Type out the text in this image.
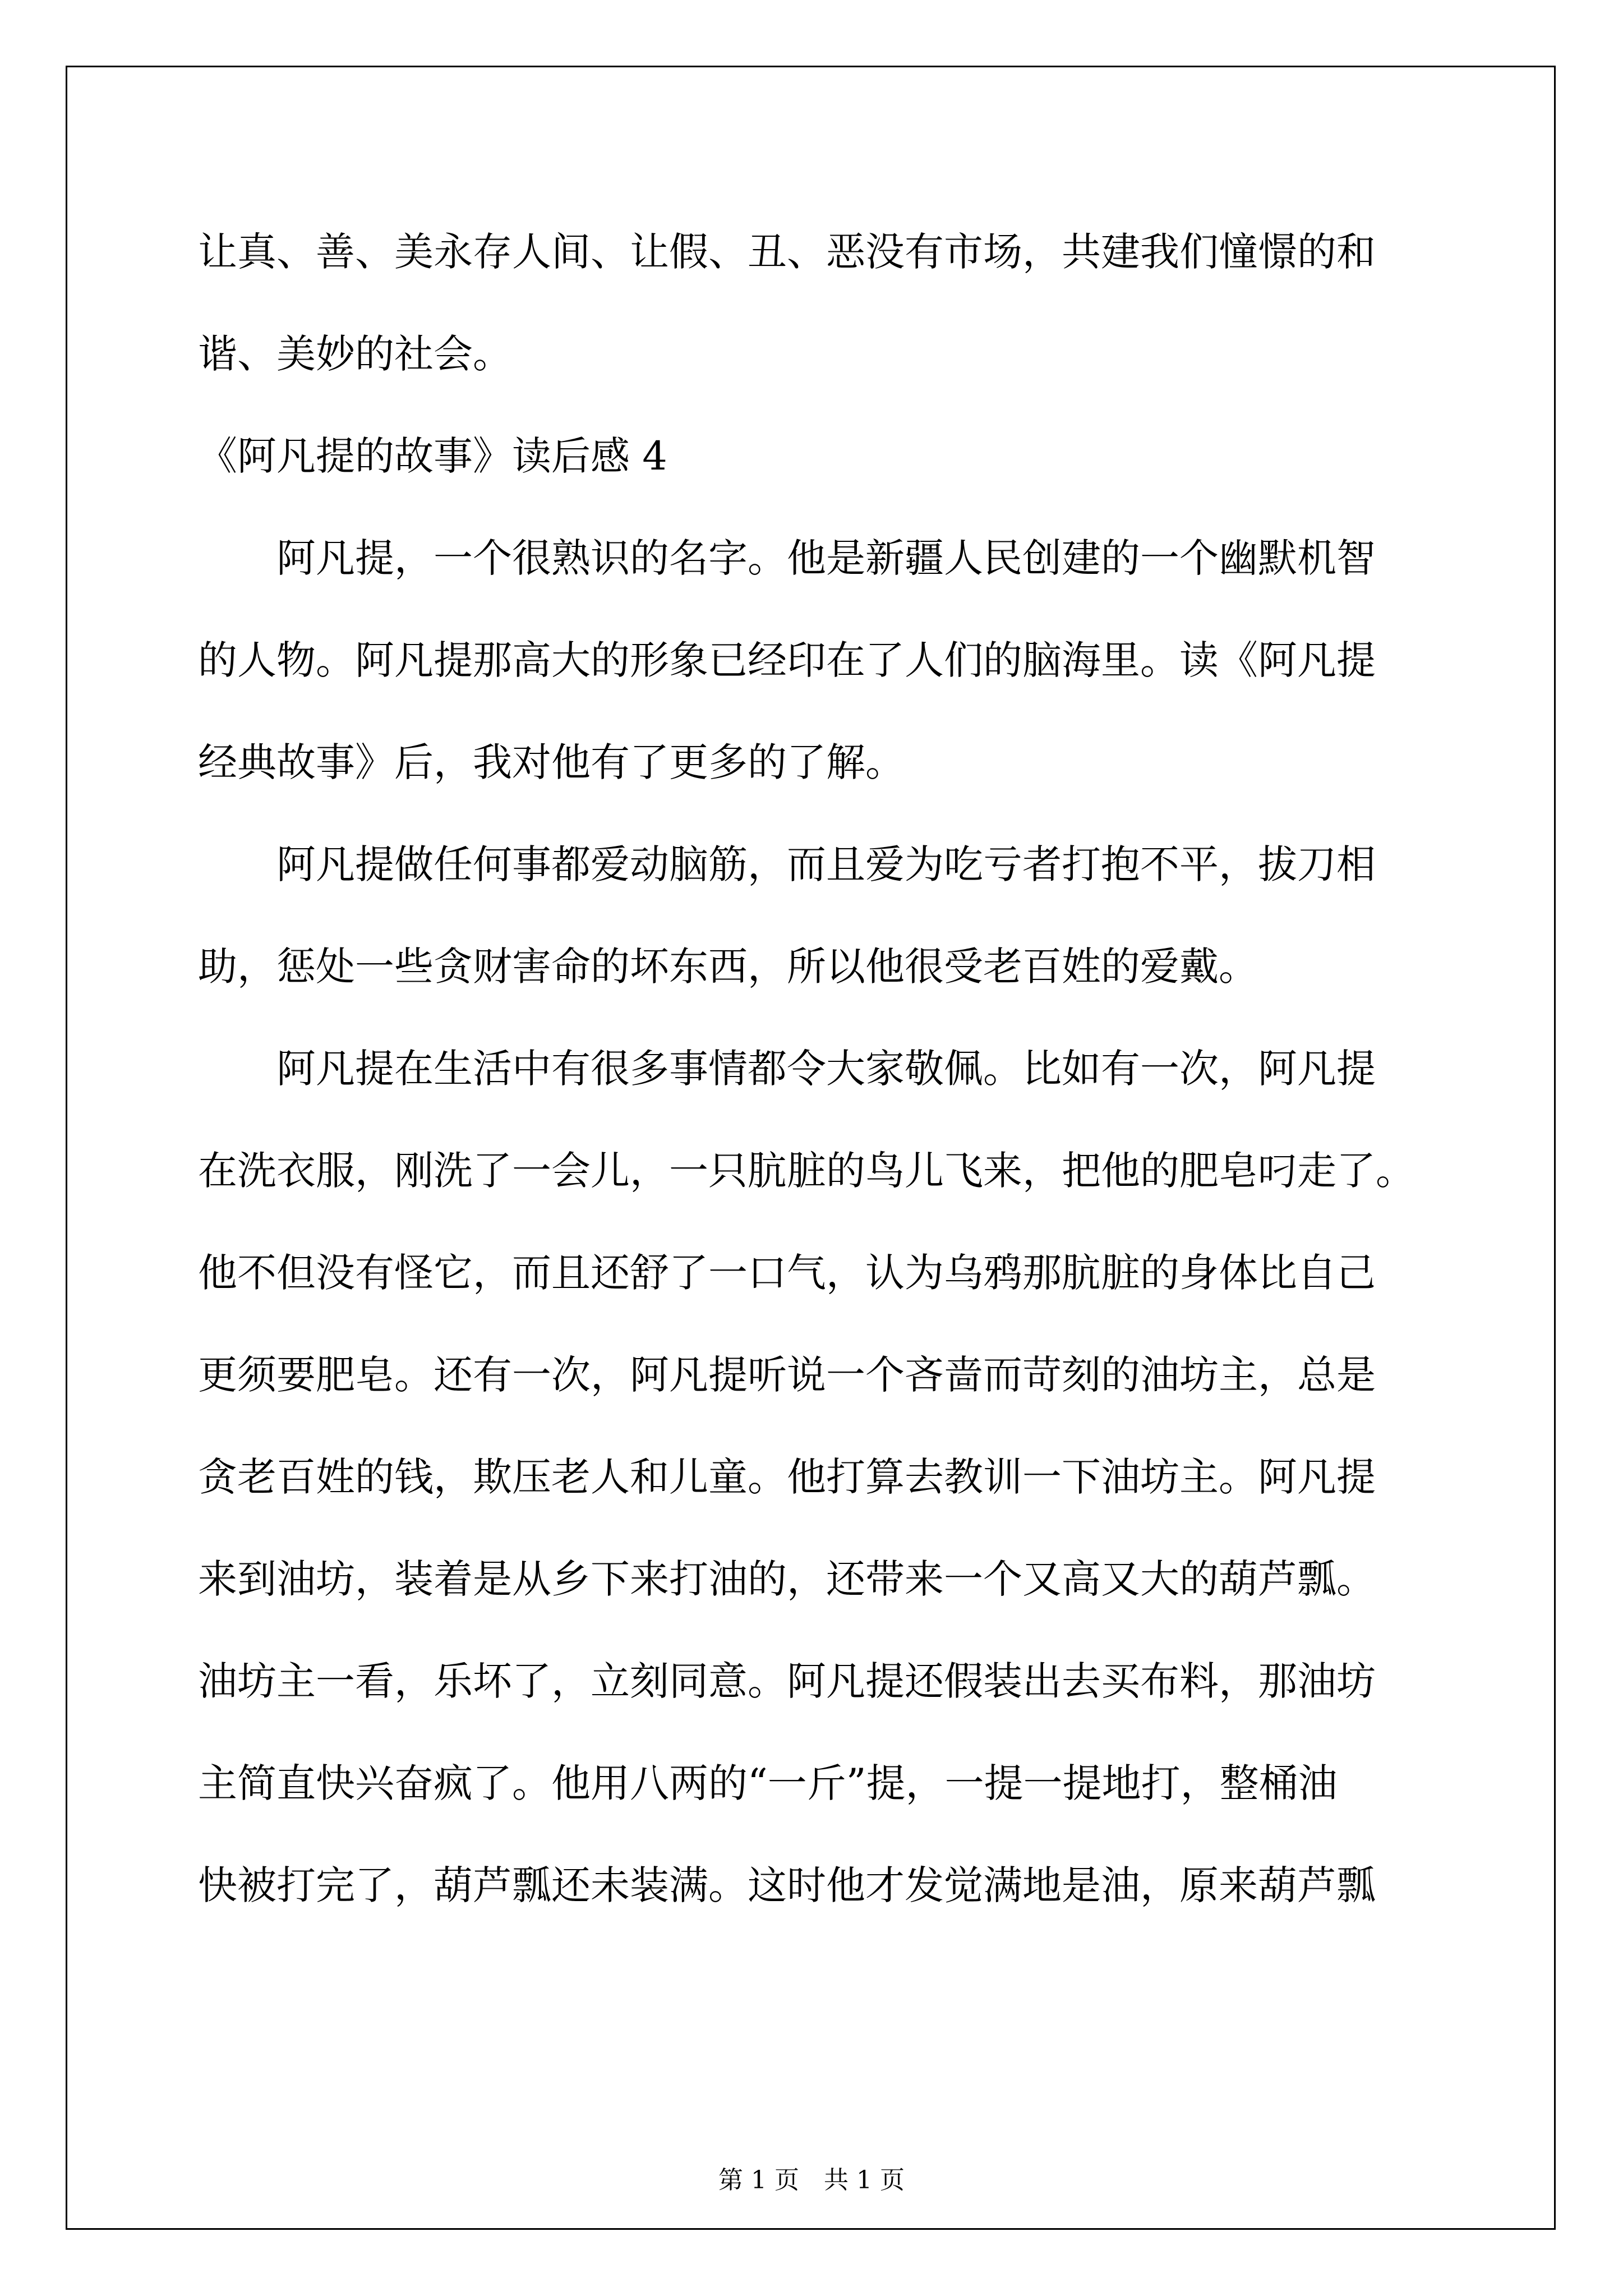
让真、善、美永存人间、让假、丑、恶没有市场，共建我们憧憬的和
谐、美妙的社会。
《阿凡提的故事》读后感 4
　　阿凡提，一个很熟识的名字。他是新疆人民创建的一个幽默机智
的人物。阿凡提那高大的形象已经印在了人们的脑海里。读《阿凡提
经典故事》后，我对他有了更多的了解。
　　阿凡提做任何事都爱动脑筋，而且爱为吃亏者打抱不平，拔刀相
助，惩处一些贪财害命的坏东西，所以他很受老百姓的爱戴。
　　阿凡提在生活中有很多事情都令大家敬佩。比如有一次，阿凡提
在洗衣服，刚洗了一会儿，一只肮脏的鸟儿飞来，把他的肥皂叼走了。
他不但没有怪它，而且还舒了一口气，认为乌鸦那肮脏的身体比自己
更须要肥皂。还有一次，阿凡提听说一个吝啬而苛刻的油坊主，总是
贪老百姓的钱，欺压老人和儿童。他打算去教训一下油坊主。阿凡提
来到油坊，装着是从乡下来打油的，还带来一个又高又大的葫芦瓢。
油坊主一看，乐坏了，立刻同意。阿凡提还假装出去买布料，那油坊
主简直快兴奋疯了。他用八两的“一斤”提，一提一提地打，整桶油
快被打完了，葫芦瓢还未装满。这时他才发觉满地是油，原来葫芦瓢
第 1 页　共 1 页
